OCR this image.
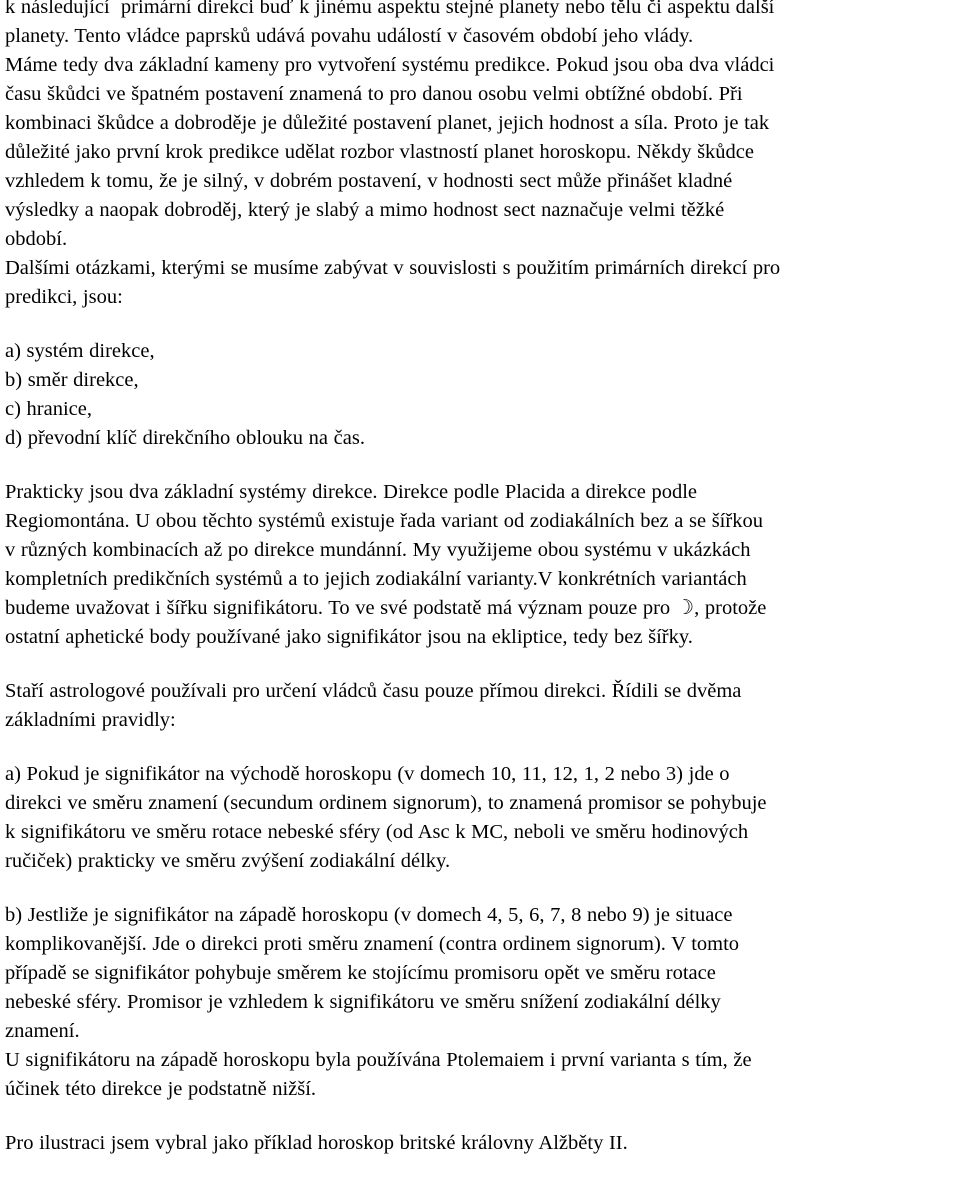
k následující  primární direkci buď k jinému aspektu stejné planety nebo tělu či aspektu další
planety. Tento vládce paprsků udává povahu událostí v časovém období jeho vlády.
Máme tedy dva základní kameny pro vytvoření systému predikce. Pokud jsou oba dva vládci
času škůdci ve špatném postavení znamená to pro danou osobu velmi obtížné období. Při
kombinaci škůdce a dobroděje je důležité postavení planet, jejich hodnost a síla. Proto je tak
důležité jako první krok predikce udělat rozbor vlastností planet horoskopu. Někdy škůdce
vzhledem k tomu, že je silný, v dobrém postavení, v hodnosti sect může přinášet kladné
výsledky a naopak dobroděj, který je slabý a mimo hodnost sect naznačuje velmi těžké
období.
Dalšími otázkami, kterými se musíme zabývat v souvislosti s použitím primárních direkcí pro
predikci, jsou:
a) systém direkce,
b) směr direkce,
c) hranice,
d) převodní klíč direkčního oblouku na čas.
Prakticky jsou dva základní systémy direkce. Direkce podle Placida a direkce podle
Regiomontána. U obou těchto systémů existuje řada variant od zodiakálních bez a se šířkou
v různých kombinacích až po direkce mundánní. My využijeme obou systému v ukázkách
kompletních predikčních systémů a to jejich zodiakální varianty.V konkrétních variantách
budeme uvažovat i šířku signifikátoru. To ve své podstatě má význam pouze pro ☽, protože
ostatní aphetické body používané jako signifikátor jsou na ekliptice, tedy bez šířky.
Staří astrologové používali pro určení vládců času pouze přímou direkci. Řídili se dvěma
základními pravidly:
a) Pokud je signifikátor na východě horoskopu (v domech 10, 11, 12, 1, 2 nebo 3) jde o
direkci ve směru znamení (secundum ordinem signorum), to znamená promisor se pohybuje
k signifikátoru ve směru rotace nebeské sféry (od Asc k MC, neboli ve směru hodinových
ručiček) prakticky ve směru zvýšení zodiakální délky.
b) Jestliže je signifikátor na západě horoskopu (v domech 4, 5, 6, 7, 8 nebo 9) je situace
komplikovanější. Jde o direkci proti směru znamení (contra ordinem signorum). V tomto
případě se signifikátor pohybuje směrem ke stojícímu promisoru opět ve směru rotace
nebeské sféry. Promisor je vzhledem k signifikátoru ve směru snížení zodiakální délky
znamení.
U signifikátoru na západě horoskopu byla používána Ptolemaiem i první varianta s tím, že
účinek této direkce je podstatně nižší.
Pro ilustraci jsem vybral jako příklad horoskop britské královny Alžběty II.
